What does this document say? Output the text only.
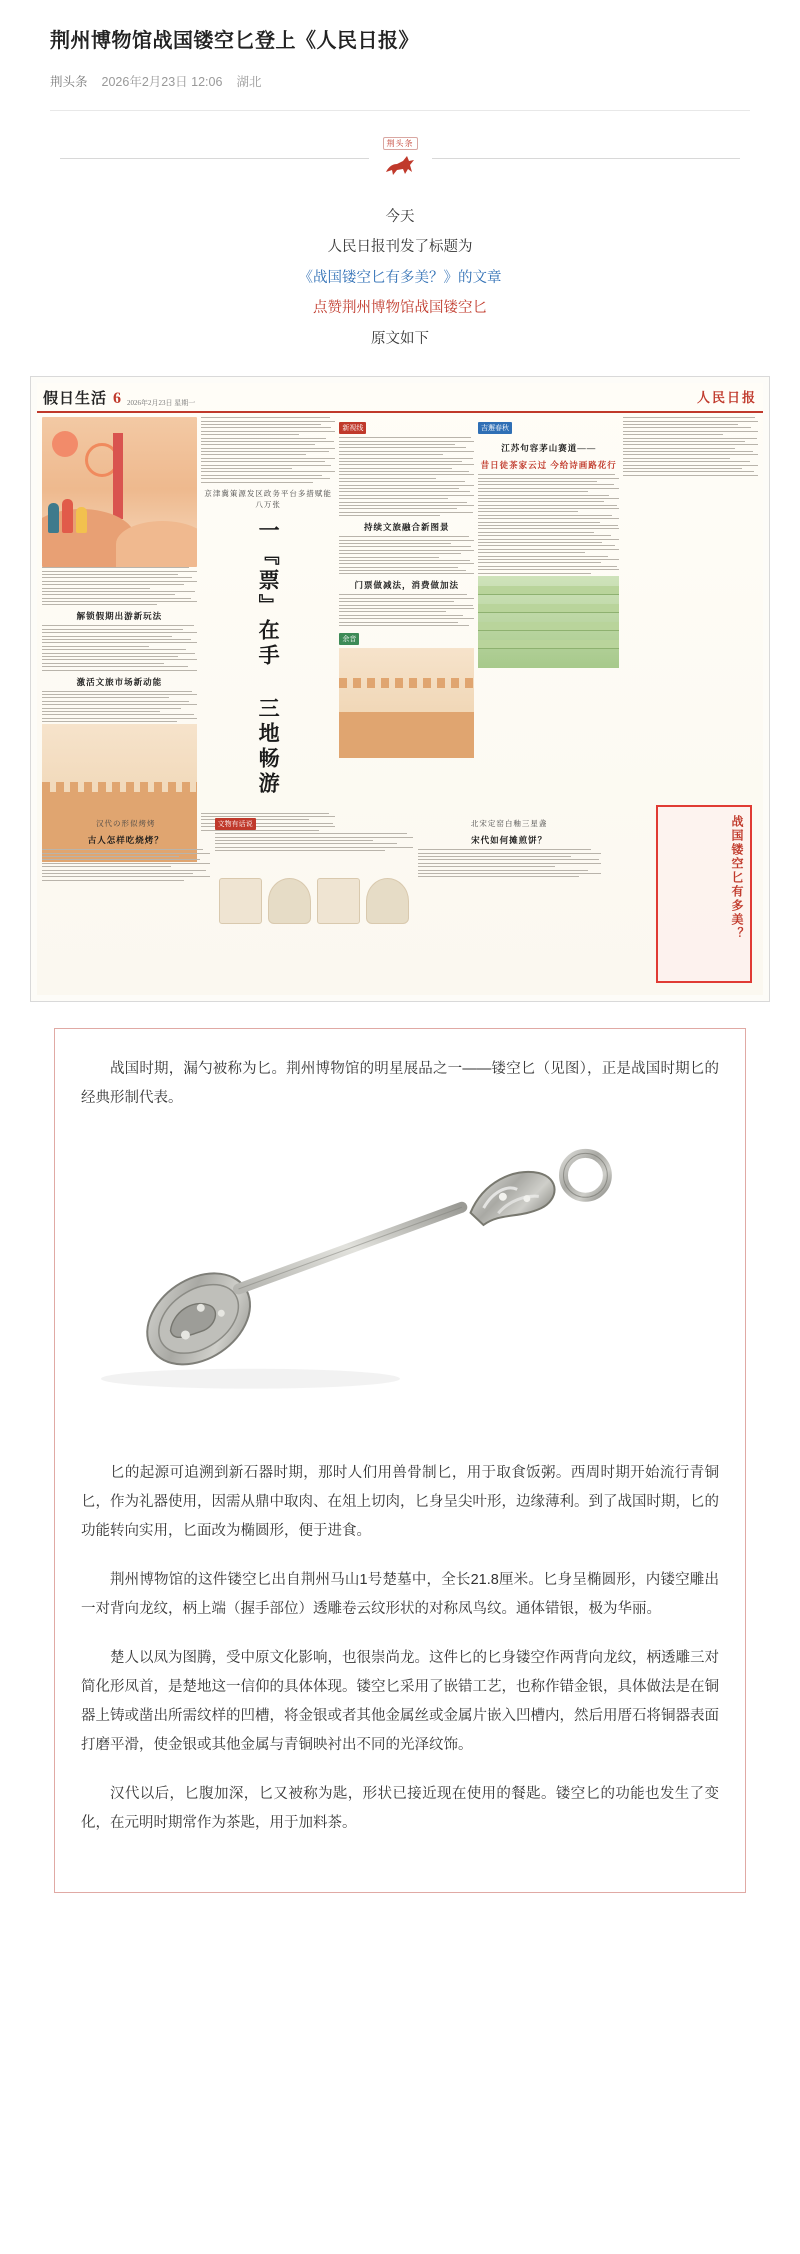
荆州博物馆战国镂空匕登上《人民日报》
荆头条 2026年2月23日 12:06 湖北
荆头条
今天
人民日报刊发了标题为
《战国镂空匕有多美？》的文章
点赞荆州博物馆战国镂空匕
原文如下
假日生活 6 2026年2月23日 星期一	人民日报
解锁假期出游新玩法
激活文旅市场新动能
京津冀策源发区政务平台多措赋能八万张
一『票』在手 三地畅游
新视线
持续文旅融合新图景
门票做减法，消费做加法
余音
吉邂春秋
江苏句容茅山赛道——
昔日徒茶家云过 今给诗画路花行
汉代の形似烤烤
古人怎样吃烧烤？
文物有话说	北宋定窑白釉三星盏
宋代如何摊煎饼？	战国镂空匕有多美？

战国时期，漏勺被称为匕。荆州博物馆的明星展品之一——镂空匕（见图），正是战国时期匕的经典形制代表。

匕的起源可追溯到新石器时期，那时人们用兽骨制匕，用于取食饭粥。西周时期开始流行青铜匕，作为礼器使用，因需从鼎中取肉、在俎上切肉，匕身呈尖叶形，边缘薄利。到了战国时期，匕的功能转向实用，匕面改为椭圆形，便于进食。

荆州博物馆的这件镂空匕出自荆州马山1号楚墓中，全长21.8厘米。匕身呈椭圆形，内镂空雕出一对背向龙纹，柄上端（握手部位）透雕卷云纹形状的对称凤鸟纹。通体错银，极为华丽。

楚人以凤为图腾，受中原文化影响，也很崇尚龙。这件匕的匕身镂空作两背向龙纹，柄透雕三对简化形凤首，是楚地这一信仰的具体体现。镂空匕采用了嵌错工艺，也称作错金银，具体做法是在铜器上铸或凿出所需纹样的凹槽，将金银或者其他金属丝或金属片嵌入凹槽内，然后用厝石将铜器表面打磨平滑，使金银或其他金属与青铜映衬出不同的光泽纹饰。

汉代以后，匕腹加深，匕又被称为匙，形状已接近现在使用的餐匙。镂空匕的功能也发生了变化，在元明时期常作为茶匙，用于加料茶。
